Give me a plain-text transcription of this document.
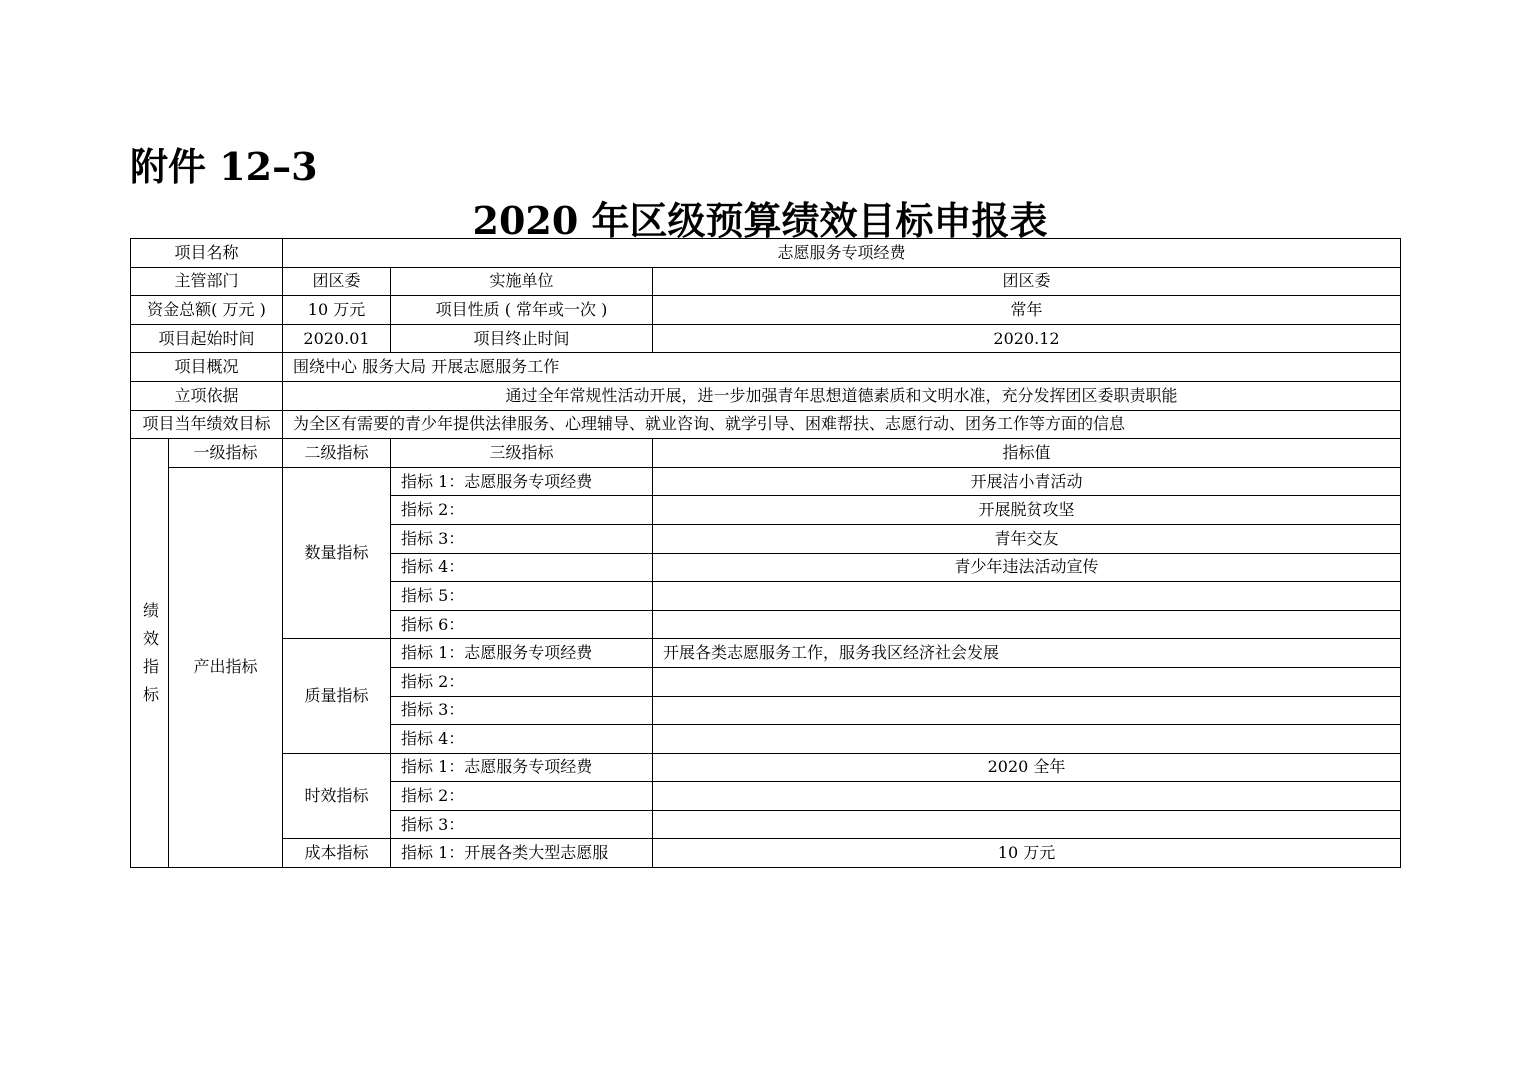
附件 12–3
2020 年区级预算绩效目标申报表
项目名称		志愿服务专项经费		
主管部门		团区委	实施单位	团区委
资金总额( 万元 )		10 万元	项目性质 ( 常年或一次 )	常年
项目起始时间		2020.01	项目终止时间	2020.12
项目概况		围绕中心 服务大局 开展志愿服务工作		
立项依据		通过全年常规性活动开展，进一步加强青年思想道德素质和文明水准，充分发挥团区委职责职能		
项目当年绩效目标		为全区有需要的青少年提供法律服务、心理辅导、就业咨询、就学引导、困难帮扶、志愿行动、团务工作等方面的信息		
绩效指标	一级指标	二级指标	三级指标	指标值
	产出指标	数量指标	指标 1：志愿服务专项经费	开展洁小青活动
			指标 2：	开展脱贫攻坚
			指标 3：	青年交友
			指标 4：	青少年违法活动宣传
			指标 5：	
			指标 6：	
		质量指标	指标 1：志愿服务专项经费	开展各类志愿服务工作，服务我区经济社会发展
			指标 2：	
			指标 3：	
			指标 4：	
		时效指标	指标 1：志愿服务专项经费	2020 全年
			指标 2：	
			指标 3：	
		成本指标	指标 1：开展各类大型志愿服	10 万元
